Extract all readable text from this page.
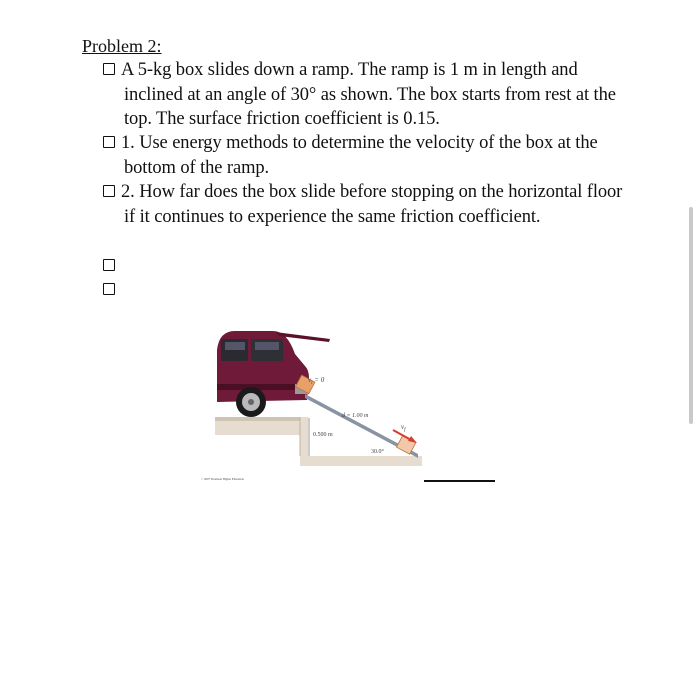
Problem 2:
A 5-kg box slides down a ramp. The ramp is 1 m in length and inclined at an angle of 30° as shown. The box starts from rest at the top. The surface friction coefficient is 0.15.
1. Use energy methods to determine the velocity of the box at the bottom of the ramp.
2. How far does the box slide before stopping on the horizontal floor if it continues to experience the same friction coefficient.
$v_i = 0$
d = 1.00 m
0.500 m
30.0°
$v_f$
© 2007 Thomson Higher Education
